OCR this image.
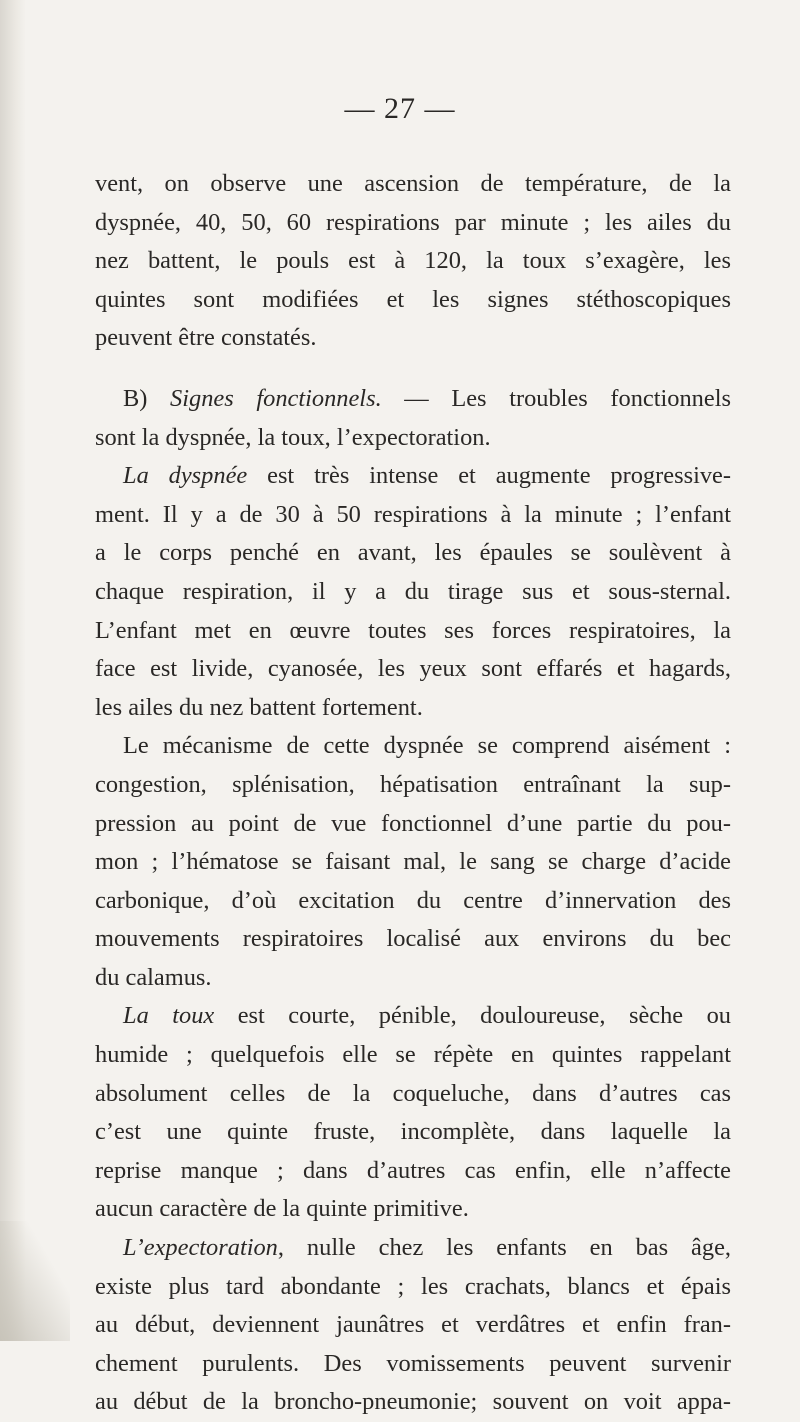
— 27 —
vent, on observe une ascension de température, de la
dyspnée, 40, 50, 60 respirations par minute ; les ailes du
nez battent, le pouls est à 120, la toux s’exagère, les
quintes sont modifiées et les signes stéthoscopiques
peuvent être constatés.
B) Signes fonctionnels. — Les troubles fonctionnels
sont la dyspnée, la toux, l’expectoration.
La dyspnée est très intense et augmente progressive-
ment. Il y a de 30 à 50 respirations à la minute ; l’enfant
a le corps penché en avant, les épaules se soulèvent à
chaque respiration, il y a du tirage sus et sous-sternal.
L’enfant met en œuvre toutes ses forces respiratoires, la
face est livide, cyanosée, les yeux sont effarés et hagards,
les ailes du nez battent fortement.
Le mécanisme de cette dyspnée se comprend aisément :
congestion, splénisation, hépatisation entraînant la sup-
pression au point de vue fonctionnel d’une partie du pou-
mon ; l’hématose se faisant mal, le sang se charge d’acide
carbonique, d’où excitation du centre d’innervation des
mouvements respiratoires localisé aux environs du bec
du calamus.
La toux est courte, pénible, douloureuse, sèche ou
humide ; quelquefois elle se répète en quintes rappelant
absolument celles de la coqueluche, dans d’autres cas
c’est une quinte fruste, incomplète, dans laquelle la
reprise manque ; dans d’autres cas enfin, elle n’affecte
aucun caractère de la quinte primitive.
L’expectoration, nulle chez les enfants en bas âge,
existe plus tard abondante ; les crachats, blancs et épais
au début, deviennent jaunâtres et verdâtres et enfin fran-
chement purulents. Des vomissements peuvent survenir
au début de la broncho-pneumonie; souvent on voit appa-
